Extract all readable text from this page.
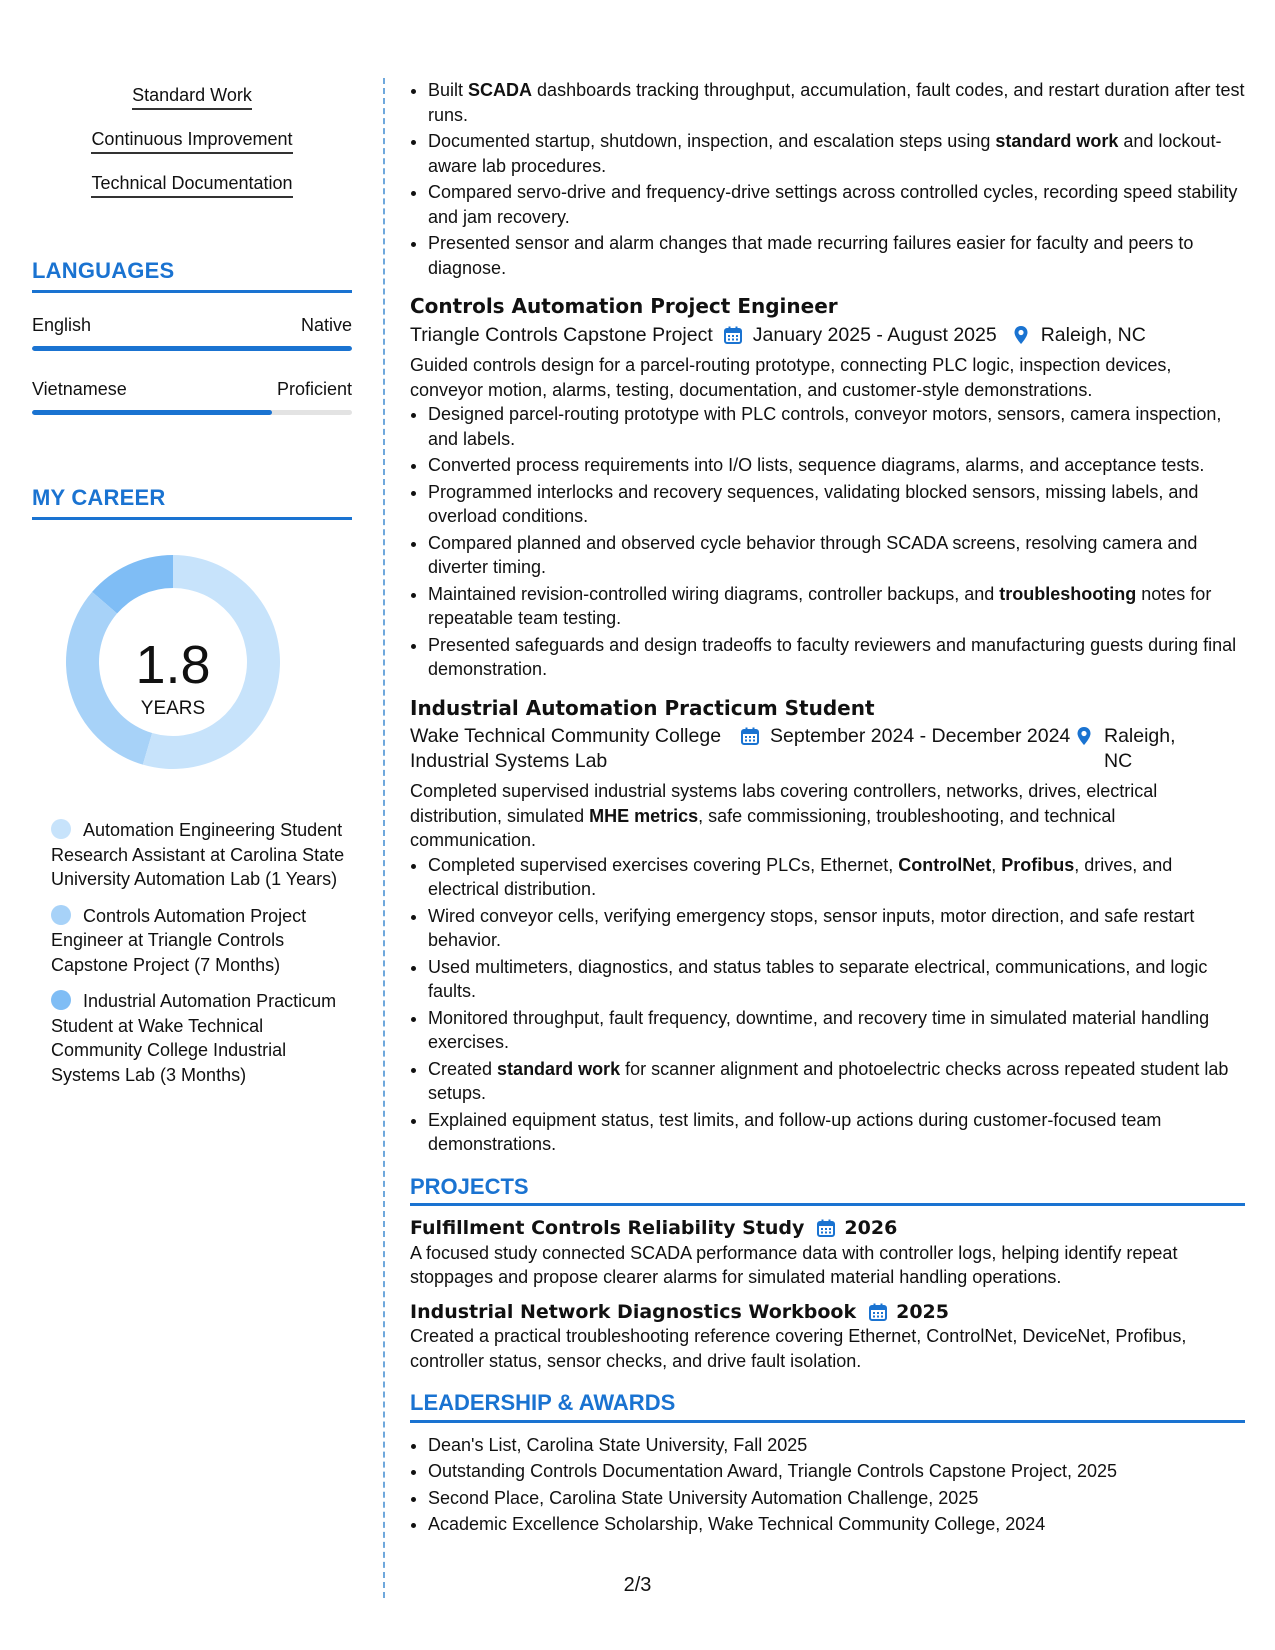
Standard Work
Continuous Improvement
Technical Documentation
LANGUAGES
English	Native
Vietnamese	Proficient
MY CAREER
1.8
YEARS
Automation Engineering Student Research Assistant at Carolina State University Automation Lab (1 Years)
Controls Automation Project Engineer at Triangle Controls Capstone Project (7 Months)
Industrial Automation Practicum Student at Wake Technical Community College Industrial Systems Lab (3 Months)
• Built SCADA dashboards tracking throughput, accumulation, fault codes, and restart duration after test runs.
• Documented startup, shutdown, inspection, and escalation steps using standard work and lockout-aware lab procedures.
• Compared servo-drive and frequency-drive settings across controlled cycles, recording speed stability and jam recovery.
• Presented sensor and alarm changes that made recurring failures easier for faculty and peers to diagnose.
Controls Automation Project Engineer
Triangle Controls Capstone Project January 2025 - August 2025 Raleigh, NC
Guided controls design for a parcel-routing prototype, connecting PLC logic, inspection devices, conveyor motion, alarms, testing, documentation, and customer-style demonstrations.
• Designed parcel-routing prototype with PLC controls, conveyor motors, sensors, camera inspection, and labels.
• Converted process requirements into I/O lists, sequence diagrams, alarms, and acceptance tests.
• Programmed interlocks and recovery sequences, validating blocked sensors, missing labels, and overload conditions.
• Compared planned and observed cycle behavior through SCADA screens, resolving camera and diverter timing.
• Maintained revision-controlled wiring diagrams, controller backups, and troubleshooting notes for repeatable team testing.
• Presented safeguards and design tradeoffs to faculty reviewers and manufacturing guests during final demonstration.
Industrial Automation Practicum Student
Wake Technical Community College Industrial Systems Lab
September 2024 - December 2024 Raleigh, NC
Completed supervised industrial systems labs covering controllers, networks, drives, electrical distribution, simulated MHE metrics, safe commissioning, troubleshooting, and technical communication.
• Completed supervised exercises covering PLCs, Ethernet, ControlNet, Profibus, drives, and electrical distribution.
• Wired conveyor cells, verifying emergency stops, sensor inputs, motor direction, and safe restart behavior.
• Used multimeters, diagnostics, and status tables to separate electrical, communications, and logic faults.
• Monitored throughput, fault frequency, downtime, and recovery time in simulated material handling exercises.
• Created standard work for scanner alignment and photoelectric checks across repeated student lab setups.
• Explained equipment status, test limits, and follow-up actions during customer-focused team demonstrations.
PROJECTS
Fulfillment Controls Reliability Study 2026
A focused study connected SCADA performance data with controller logs, helping identify repeat stoppages and propose clearer alarms for simulated material handling operations.
Industrial Network Diagnostics Workbook 2025
Created a practical troubleshooting reference covering Ethernet, ControlNet, DeviceNet, Profibus, controller status, sensor checks, and drive fault isolation.
LEADERSHIP & AWARDS
• Dean's List, Carolina State University, Fall 2025
• Outstanding Controls Documentation Award, Triangle Controls Capstone Project, 2025
• Second Place, Carolina State University Automation Challenge, 2025
• Academic Excellence Scholarship, Wake Technical Community College, 2024
2/3
